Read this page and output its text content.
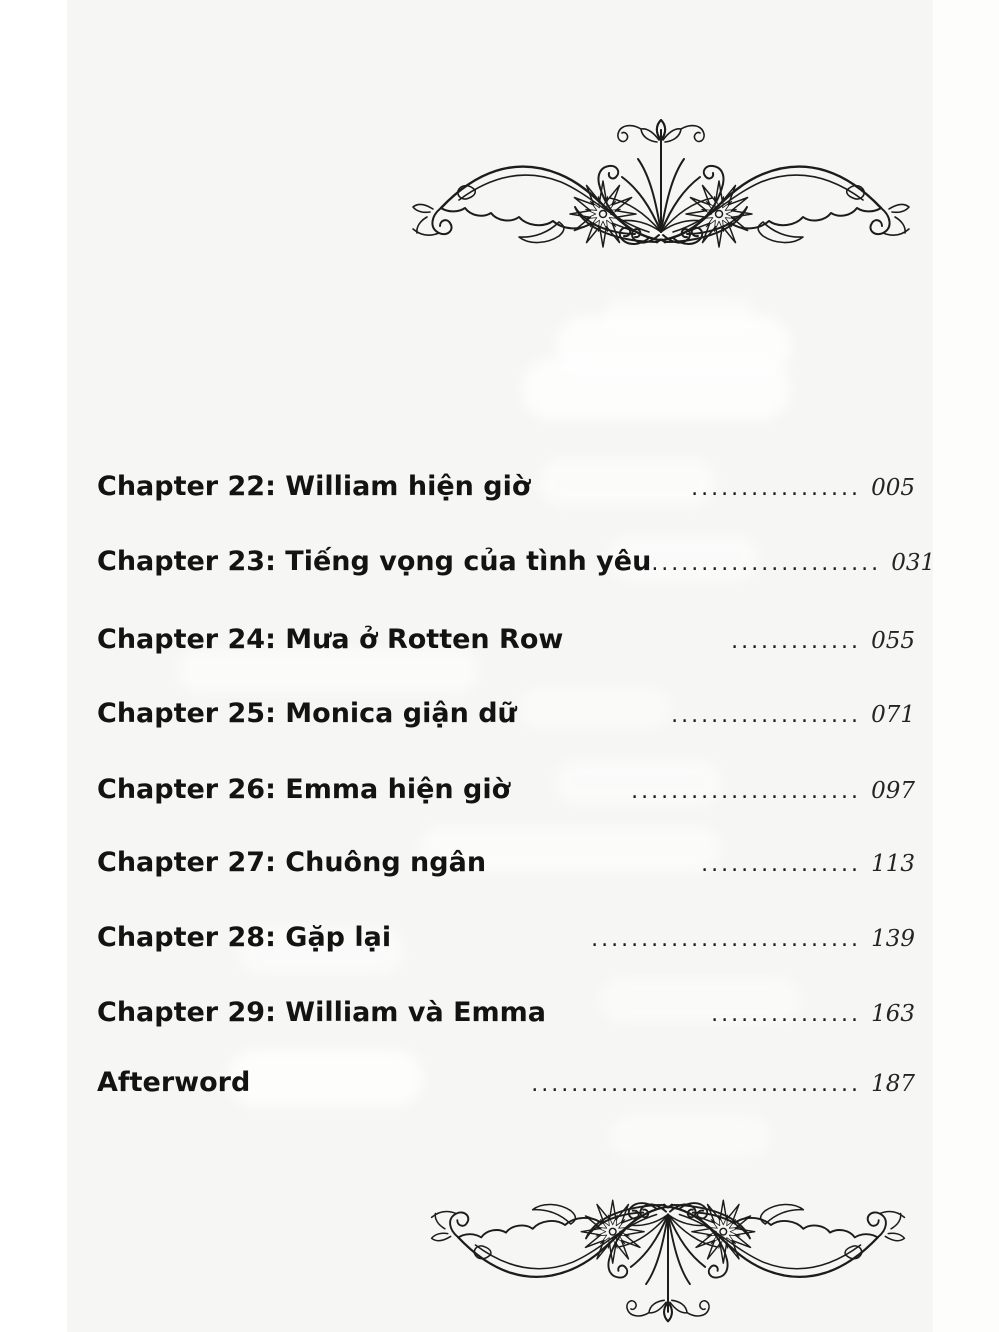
Chapter 22: William hiện giờ	................. 005
Chapter 23: Tiếng vọng của tình yêu ....................... 031
Chapter 24: Mưa ở Rotten Row	............. 055
Chapter 25: Monica giận dữ	................... 071
Chapter 26: Emma hiện giờ	....................... 097
Chapter 27: Chuông ngân	................ 113
Chapter 28: Gặp lại	........................... 139
Chapter 29: William và Emma	............... 163
Afterword	................................. 187
